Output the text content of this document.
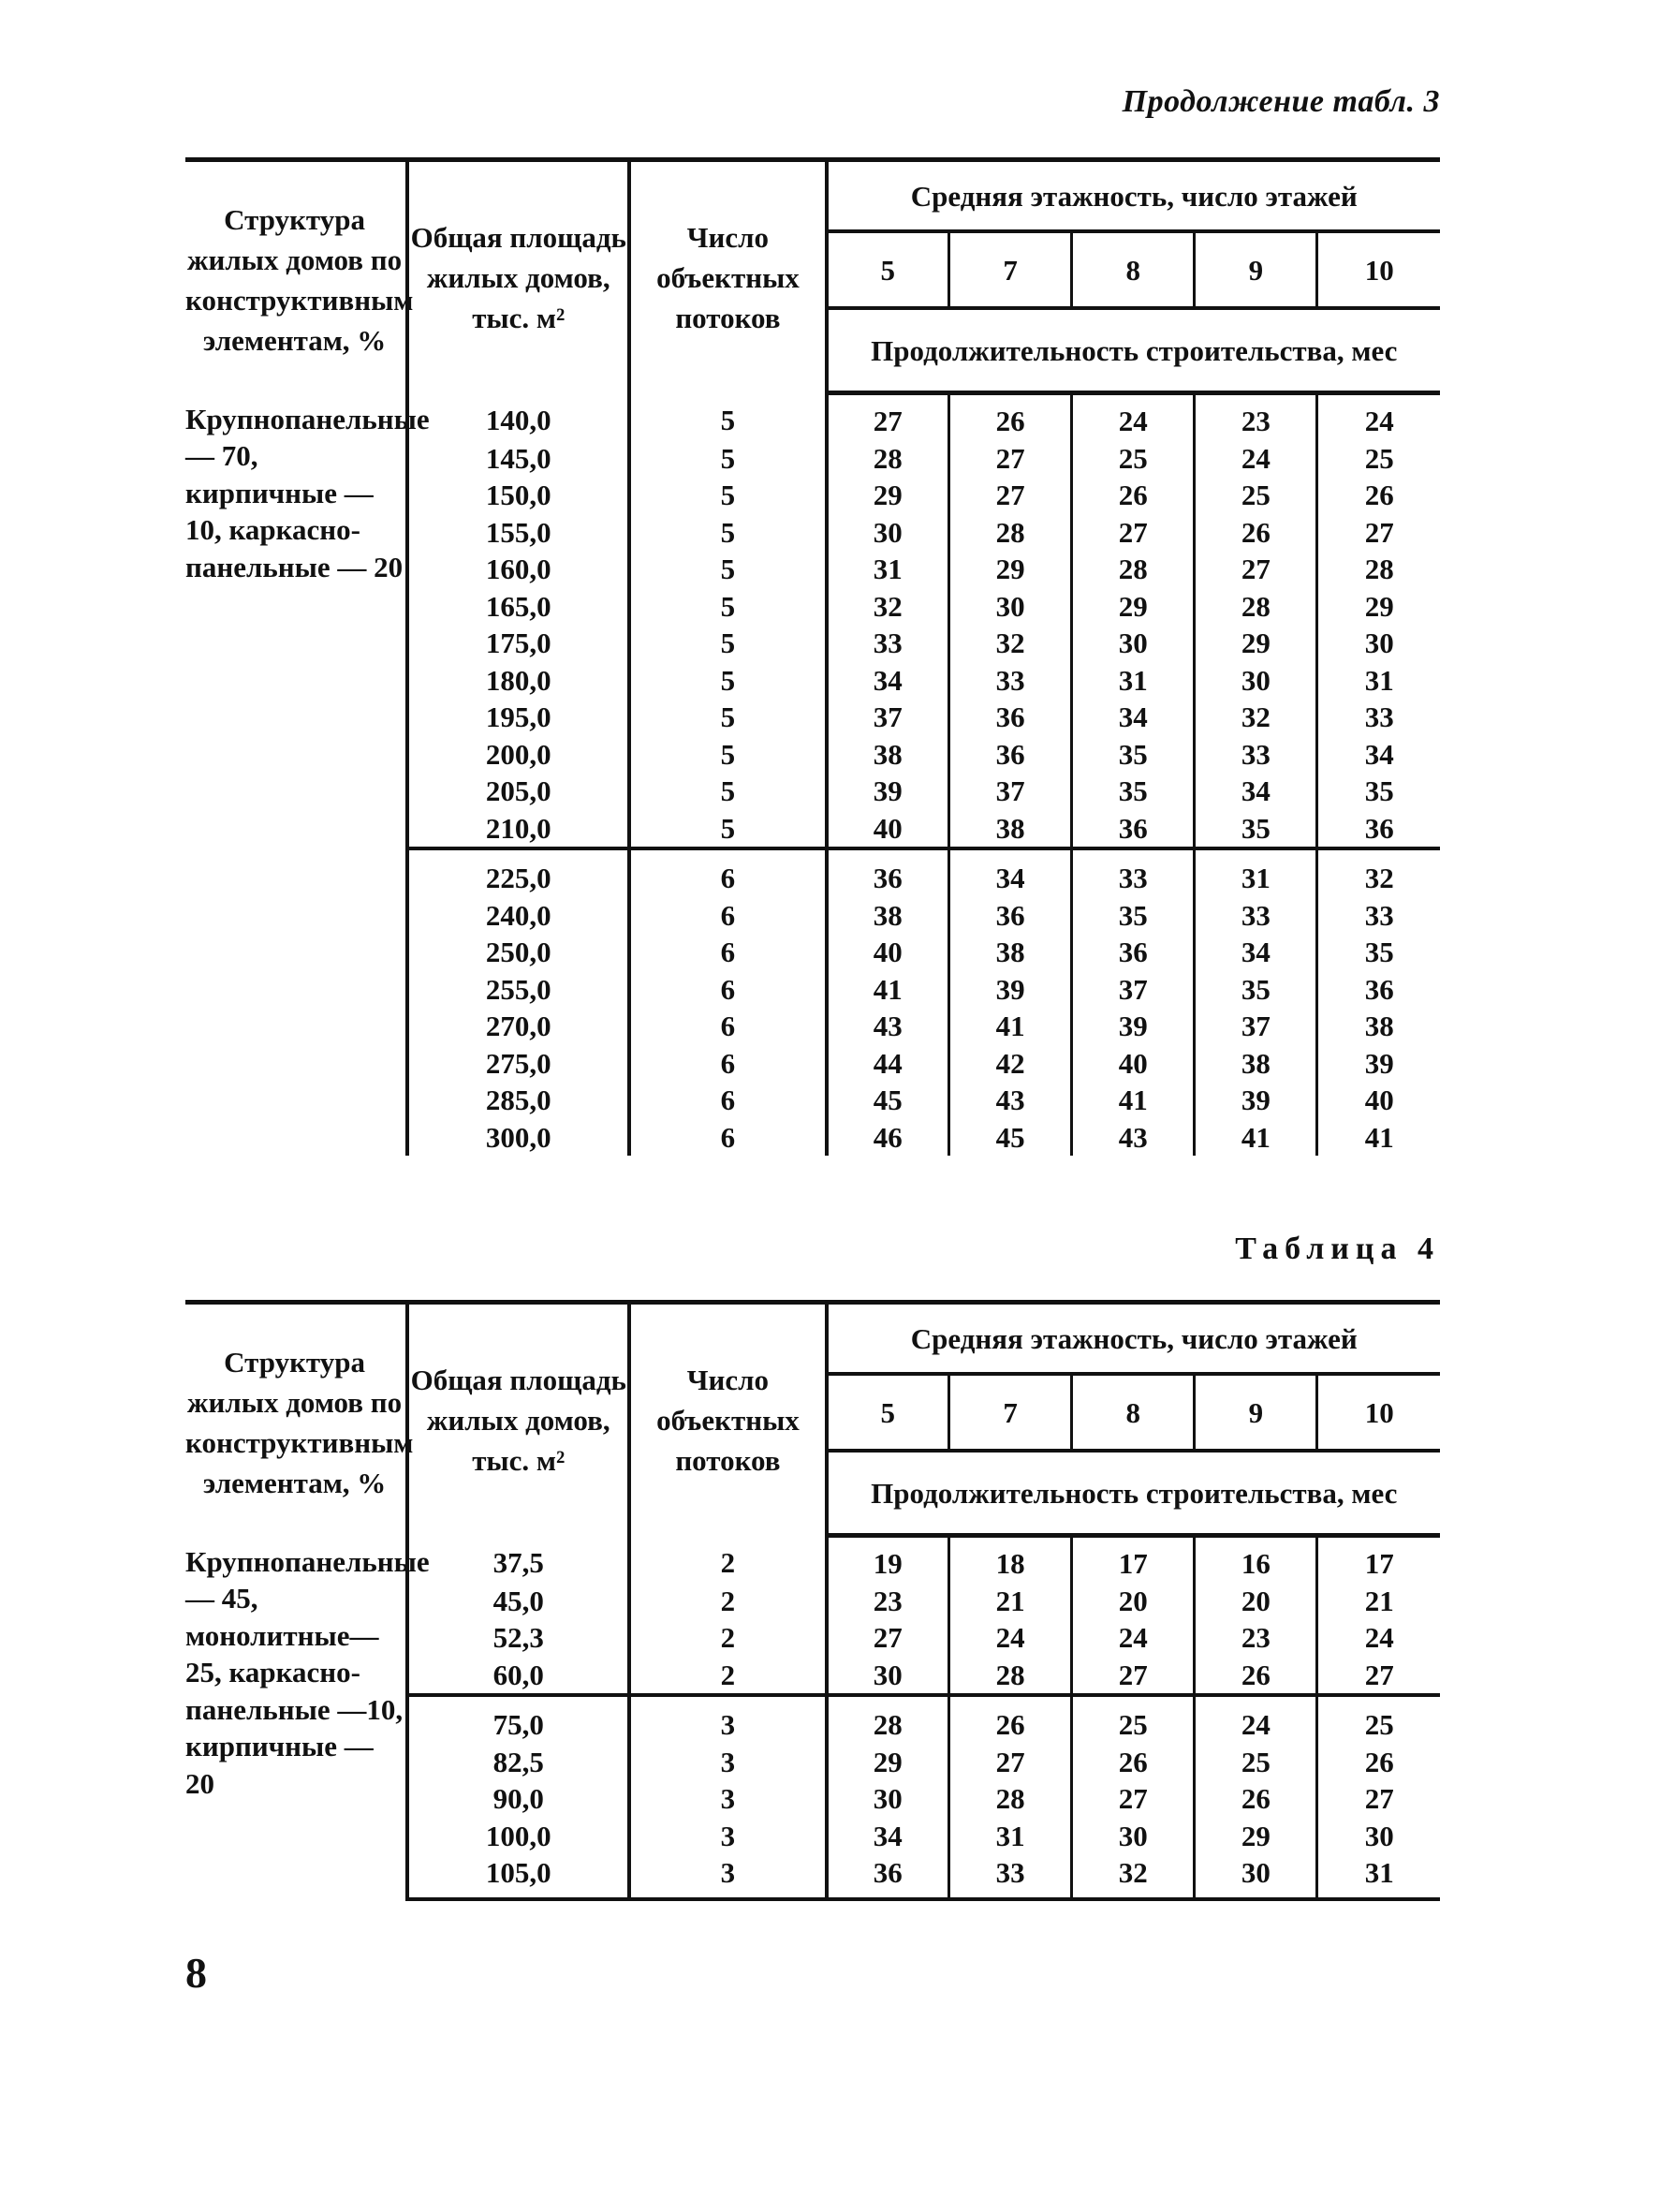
Продолжение табл. 3
Структура жилых домов по конструктивным элементам, %	Общая площадь жилых домов, тыс. м²	Число объектных потоков	Средняя этажность, число этажей				
			5	7	8	9	10
			Продолжительность строительства, мес				
Крупнопанельные — 70, кирпичные — 10, каркасно-панельные — 20	140,0	5	27	26	24	23	24
	145,0	5	28	27	25	24	25
	150,0	5	29	27	26	25	26
	155,0	5	30	28	27	26	27
	160,0	5	31	29	28	27	28
	165,0	5	32	30	29	28	29
	175,0	5	33	32	30	29	30
	180,0	5	34	33	31	30	31
	195,0	5	37	36	34	32	33
	200,0	5	38	36	35	33	34
	205,0	5	39	37	35	34	35
	210,0	5	40	38	36	35	36
	225,0	6	36	34	33	31	32
	240,0	6	38	36	35	33	33
	250,0	6	40	38	36	34	35
	255,0	6	41	39	37	35	36
	270,0	6	43	41	39	37	38
	275,0	6	44	42	40	38	39
	285,0	6	45	43	41	39	40
	300,0	6	46	45	43	41	41
Таблица 4
Структура жилых домов по конструктивным элементам, %	Общая площадь жилых домов, тыс. м²	Число объектных потоков	Средняя этажность, число этажей				
			5	7	8	9	10
			Продолжительность строительства, мес				
Крупнопанельные — 45, монолитные—25, каркасно-панельные —10, кирпичные — 20	37,5	2	19	18	17	16	17
	45,0	2	23	21	20	20	21
	52,3	2	27	24	24	23	24
	60,0	2	30	28	27	26	27
	75,0	3	28	26	25	24	25
	82,5	3	29	27	26	25	26
	90,0	3	30	28	27	26	27
	100,0	3	34	31	30	29	30
	105,0	3	36	33	32	30	31
8
